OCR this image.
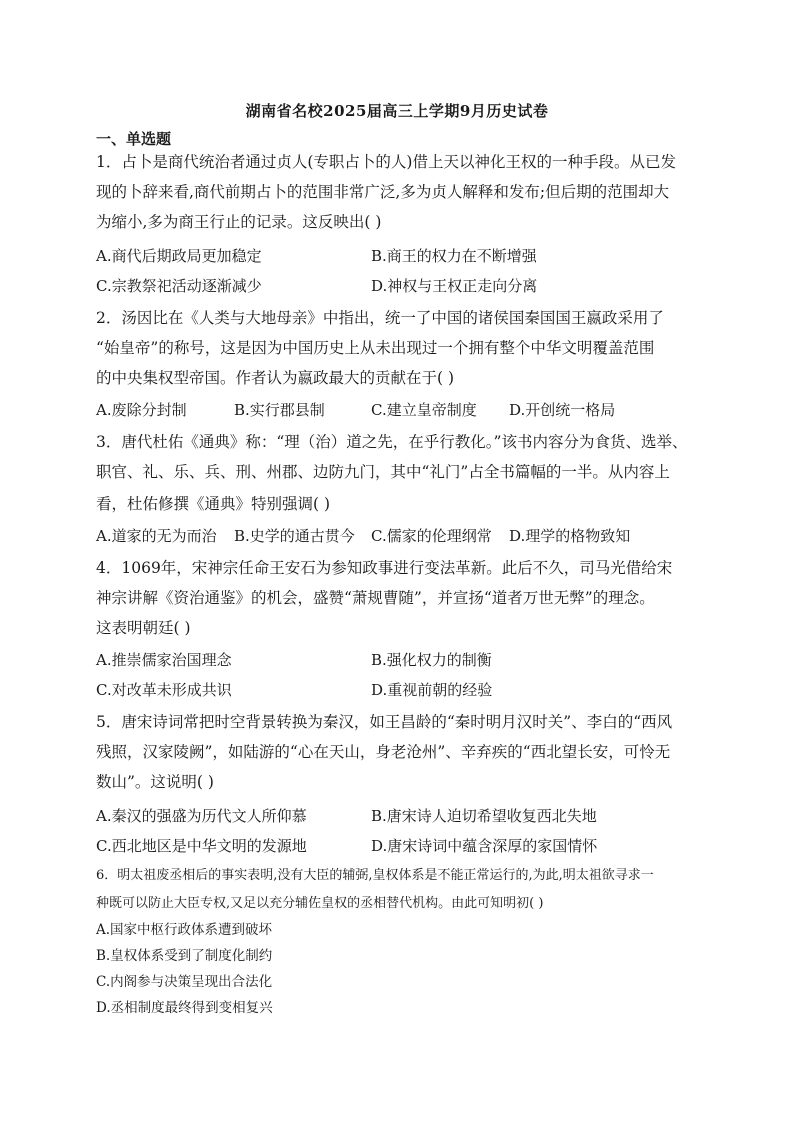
湖南省名校2025届高三上学期9月历史试卷
一、单选题
1．占卜是商代统治者通过贞人(专职占卜的人)借上天以神化王权的一种手段。从已发
现的卜辞来看,商代前期占卜的范围非常广泛,多为贞人解释和发布;但后期的范围却大
为缩小,多为商王行止的记录。这反映出( )
A.商代后期政局更加稳定	B.商王的权力在不断增强
C.宗教祭祀活动逐渐减少	D.神权与王权正走向分离
2．汤因比在《人类与大地母亲》中指出，统一了中国的诸侯国秦国国王嬴政采用了
“始皇帝”的称号，这是因为中国历史上从未出现过一个拥有整个中华文明覆盖范围
的中央集权型帝国。作者认为嬴政最大的贡献在于( )
A.废除分封制	B.实行郡县制	C.建立皇帝制度 D.开创统一格局
3．唐代杜佑《通典》称：“理（治）道之先，在乎行教化。”该书内容分为食货、选举、
职官、礼、乐、兵、刑、州郡、边防九门，其中“礼门”占全书篇幅的一半。从内容上
看，杜佑修撰《通典》特别强调( )
A.道家的无为而治 B.史学的通古贯今 C.儒家的伦理纲常 D.理学的格物致知
4．1069年，宋神宗任命王安石为参知政事进行变法革新。此后不久，司马光借给宋
神宗讲解《资治通鉴》的机会，盛赞“萧规曹随”，并宣扬“道者万世无弊”的理念。
这表明朝廷( )
A.推崇儒家治国理念	B.强化权力的制衡
C.对改革未形成共识	D.重视前朝的经验
5．唐宋诗词常把时空背景转换为秦汉，如王昌龄的“秦时明月汉时关”、李白的“西风
残照，汉家陵阙”，如陆游的“心在天山，身老沧州”、辛弃疾的“西北望长安，可怜无
数山”。这说明( )
A.秦汉的强盛为历代文人所仰慕	B.唐宋诗人迫切希望收复西北失地
C.西北地区是中华文明的发源地	D.唐宋诗词中蕴含深厚的家国情怀
6．明太祖废丞相后的事实表明,没有大臣的辅弼,皇权体系是不能正常运行的,为此,明太祖欲寻求一
种既可以防止大臣专权,又足以充分辅佐皇权的丞相替代机构。由此可知明初( )
A.国家中枢行政体系遭到破坏
B.皇权体系受到了制度化制约
C.内阁参与决策呈现出合法化
D.丞相制度最终得到变相复兴
